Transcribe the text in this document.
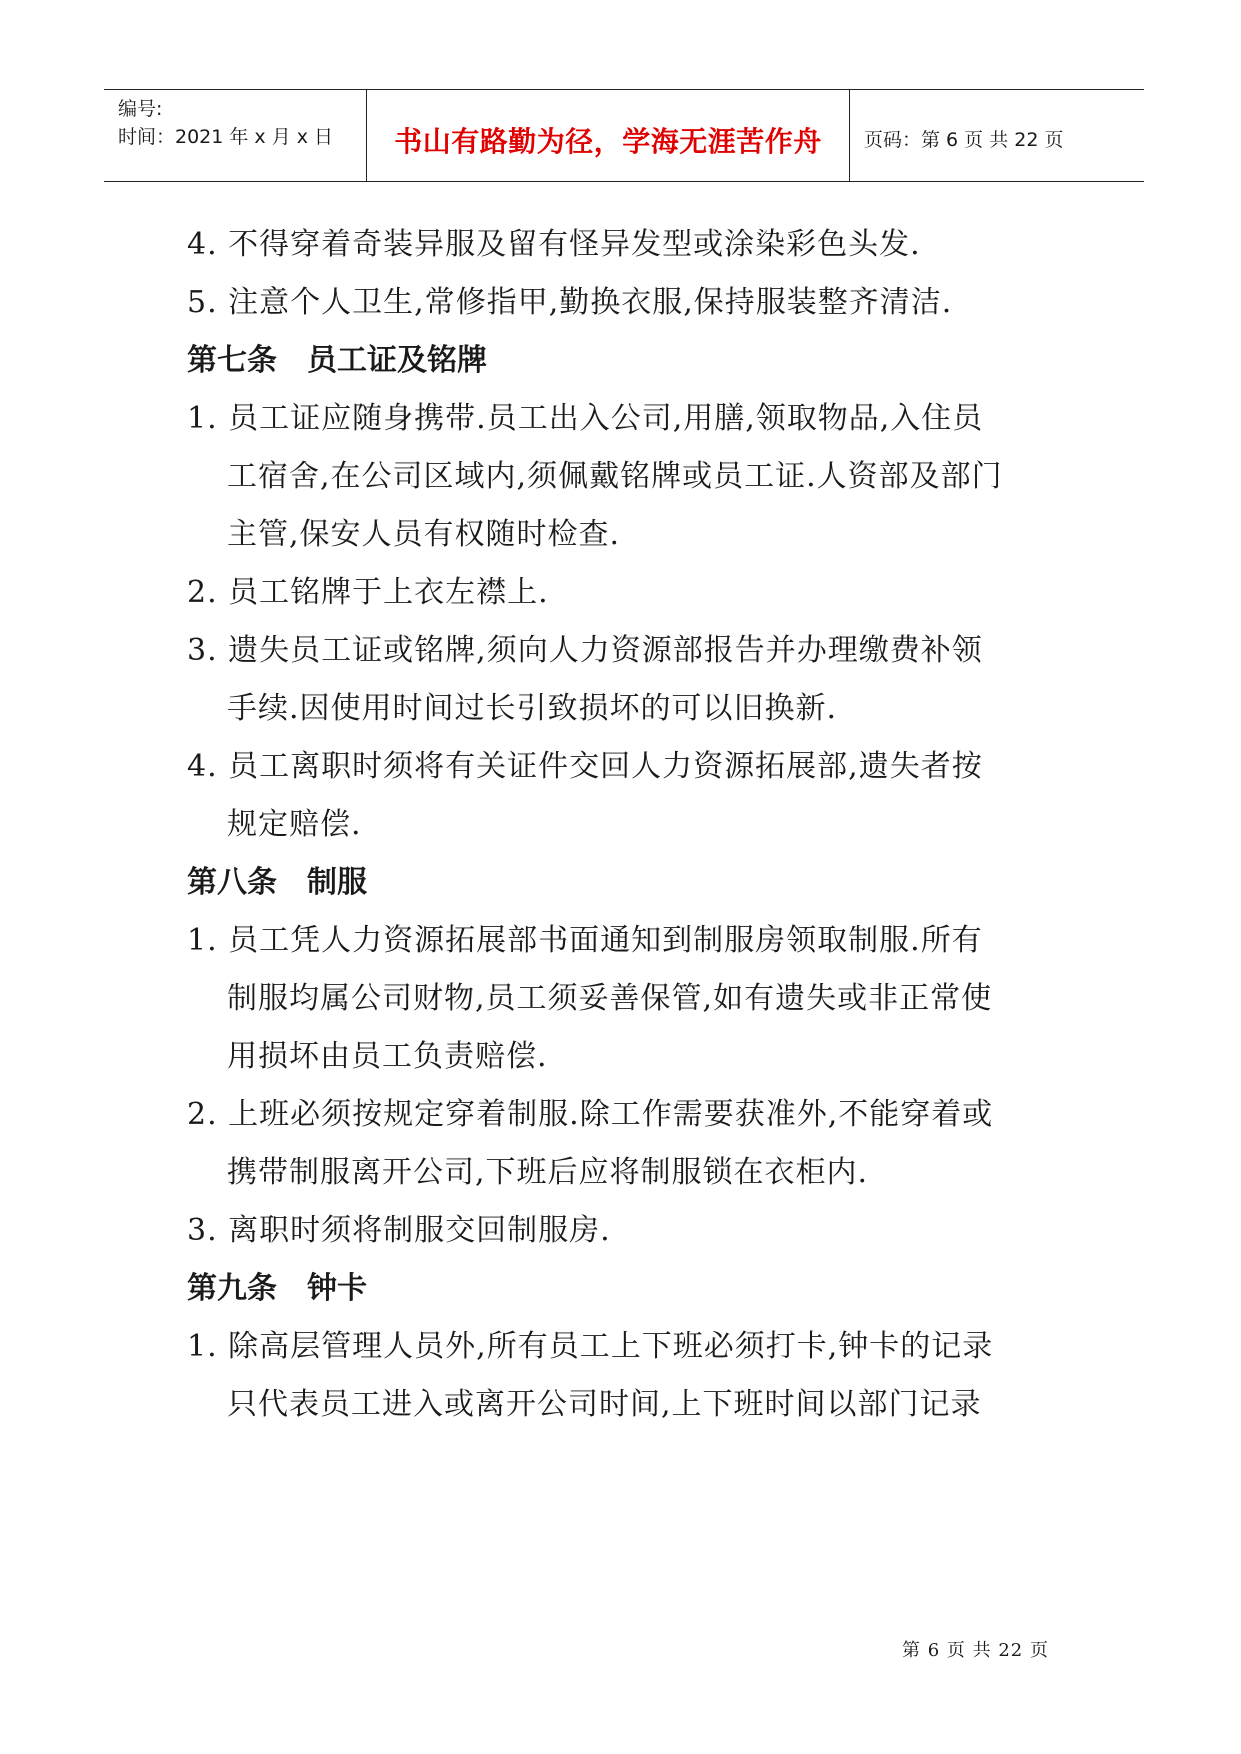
编号:
时间：2021 年 x 月 x 日	书山有路勤为径，学海无涯苦作舟	页码：第 6 页 共 22 页
4. 不得穿着奇装异服及留有怪异发型或涂染彩色头发.
5. 注意个人卫生,常修指甲,勤换衣服,保持服装整齐清洁.
第七条　员工证及铭牌
1. 员工证应随身携带.员工出入公司,用膳,领取物品,入住员
工宿舍,在公司区域内,须佩戴铭牌或员工证.人资部及部门
主管,保安人员有权随时检查.
2. 员工铭牌于上衣左襟上.
3. 遗失员工证或铭牌,须向人力资源部报告并办理缴费补领
手续.因使用时间过长引致损坏的可以旧换新.
4. 员工离职时须将有关证件交回人力资源拓展部,遗失者按
规定赔偿.
第八条　制服
1. 员工凭人力资源拓展部书面通知到制服房领取制服.所有
制服均属公司财物,员工须妥善保管,如有遗失或非正常使
用损坏由员工负责赔偿.
2. 上班必须按规定穿着制服.除工作需要获准外,不能穿着或
携带制服离开公司,下班后应将制服锁在衣柜内.
3. 离职时须将制服交回制服房.
第九条　钟卡
1. 除高层管理人员外,所有员工上下班必须打卡,钟卡的记录
只代表员工进入或离开公司时间,上下班时间以部门记录
第 6 页 共 22 页
